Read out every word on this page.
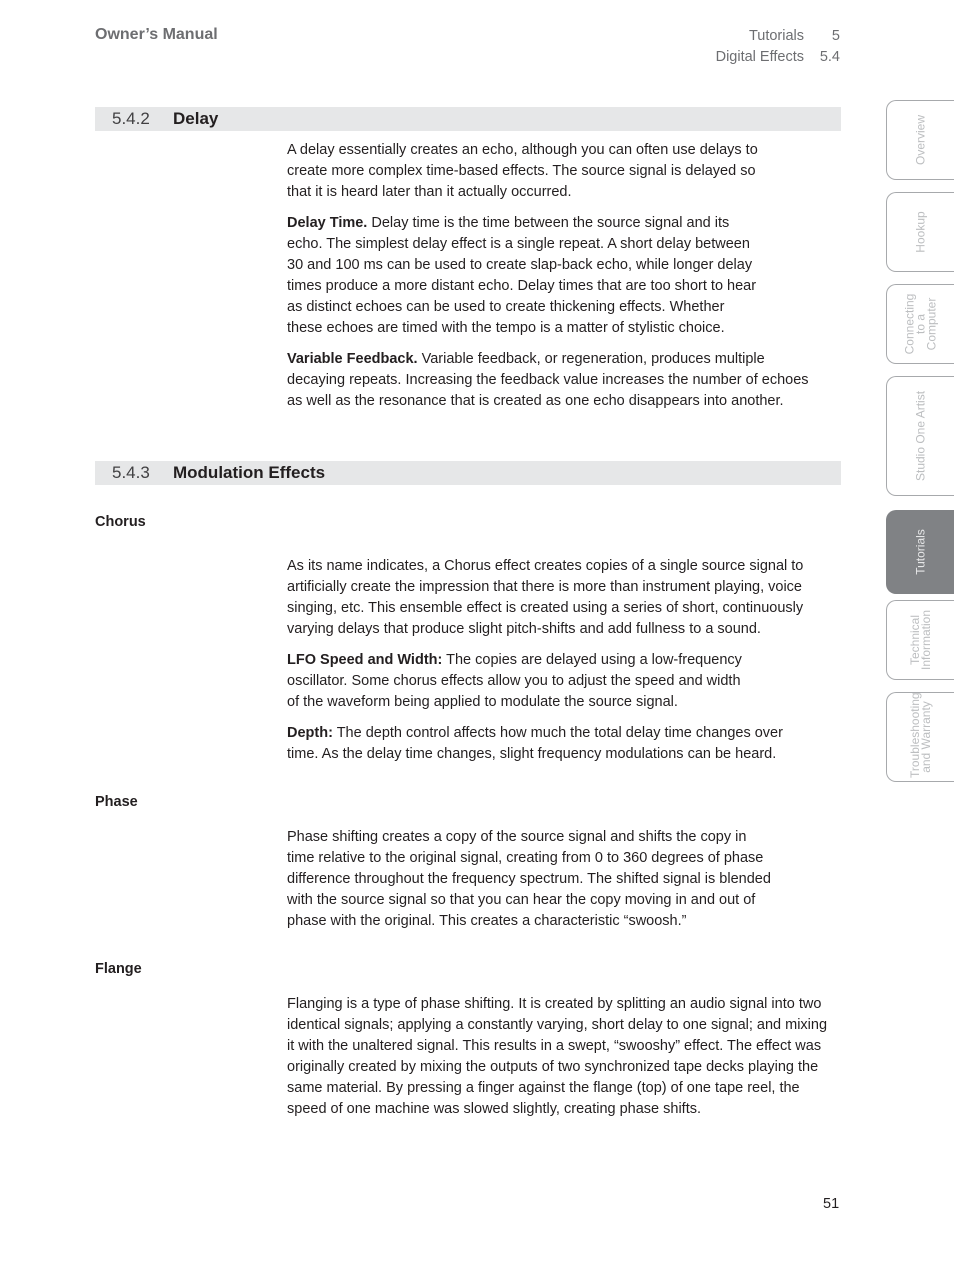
Owner’s Manual	Tutorials 5
Digital Effects 5.4
5.4.2 Delay

A delay essentially creates an echo, although you can often use delays to create more complex time-based effects. The source signal is delayed so that it is heard later than it actually occurred.

Delay Time. Delay time is the time between the source signal and its echo. The simplest delay effect is a single repeat. A short delay between 30 and 100 ms can be used to create slap-back echo, while longer delay times produce a more distant echo. Delay times that are too short to hear as distinct echoes can be used to create thickening effects. Whether these echoes are timed with the tempo is a matter of stylistic choice.

Variable Feedback. Variable feedback, or regeneration, produces multiple decaying repeats. Increasing the feedback value increases the number of echoes as well as the resonance that is created as one echo disappears into another.

5.4.3 Modulation Effects
Chorus

As its name indicates, a Chorus effect creates copies of a single source signal to artificially create the impression that there is more than instrument playing, voice singing, etc. This ensemble effect is created using a series of short, continuously varying delays that produce slight pitch-shifts and add fullness to a sound.

LFO Speed and Width: The copies are delayed using a low-frequency oscillator. Some chorus effects allow you to adjust the speed and width of the waveform being applied to modulate the source signal.

Depth: The depth control affects how much the total delay time changes over time. As the delay time changes, slight frequency modulations can be heard.

Phase

Phase shifting creates a copy of the source signal and shifts the copy in time relative to the original signal, creating from 0 to 360 degrees of phase difference throughout the frequency spectrum. The shifted signal is blended with the source signal so that you can hear the copy moving in and out of phase with the original. This creates a characteristic “swoosh.”

Flange

Flanging is a type of phase shifting. It is created by splitting an audio signal into two identical signals; applying a constantly varying, short delay to one signal; and mixing it with the unaltered signal. This results in a swept, “swooshy” effect. The effect was originally created by mixing the outputs of two synchronized tape decks playing the same material. By pressing a finger against the flange (top) of one tape reel, the speed of one machine was slowed slightly, creating phase shifts.

51
Overview
Hookup
Connecting to a Computer
Studio One Artist
Tutorials
Technical Information
Troubleshooting and Warranty
